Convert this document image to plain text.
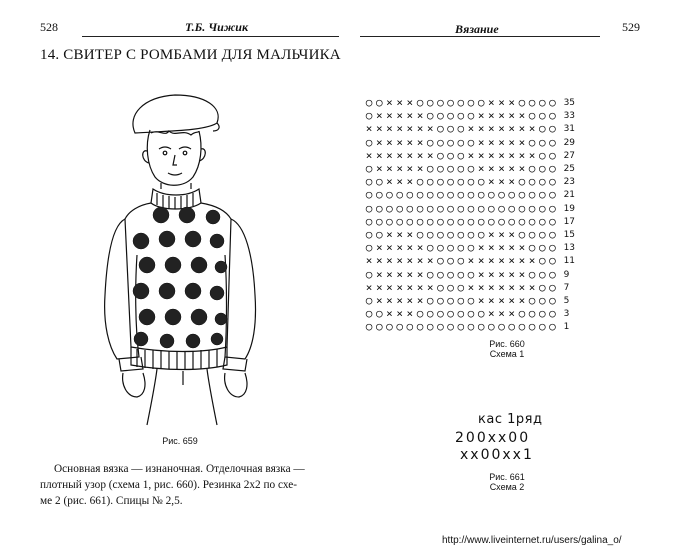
528	Т.Б. Чижик
14. СВИТЕР С РОМБАМИ ДЛЯ МАЛЬЧИКА
Рис. 659
Основная вязка — изнаночная. Отделочная вязка —
плотный узор (схема 1, рис. 660). Резинка 2х2 по схе-
ме 2 (рис. 661). Спицы № 2,5.
Вязание	529
○ ○ × × × ○ ○ ○ ○ ○ ○ ○ × × × ○ ○ ○ ○ 35
○ × × × × × ○ ○ ○ ○ ○ × × × × × ○ ○ ○ 33
× × × × × × × ○ ○ ○ × × × × × × × ○ ○ 31
○ × × × × × ○ ○ ○ ○ ○ × × × × × ○ ○ ○ 29
× × × × × × × ○ ○ ○ × × × × × × × ○ ○ 27
○ × × × × × ○ ○ ○ ○ ○ × × × × × ○ ○ ○ 25
○ ○ × × × ○ ○ ○ ○ ○ ○ ○ × × × ○ ○ ○ ○ 23
○ ○ ○ ○ ○ ○ ○ ○ ○ ○ ○ ○ ○ ○ ○ ○ ○ ○ ○ 21
○ ○ ○ ○ ○ ○ ○ ○ ○ ○ ○ ○ ○ ○ ○ ○ ○ ○ ○ 19
○ ○ ○ ○ ○ ○ ○ ○ ○ ○ ○ ○ ○ ○ ○ ○ ○ ○ ○ 17
○ ○ × × × ○ ○ ○ ○ ○ ○ ○ × × × ○ ○ ○ ○ 15
○ × × × × × ○ ○ ○ ○ ○ × × × × × ○ ○ ○ 13
× × × × × × × ○ ○ ○ × × × × × × × ○ ○ 11
○ × × × × × ○ ○ ○ ○ ○ × × × × × ○ ○ ○ 9
× × × × × × × ○ ○ ○ × × × × × × × ○ ○ 7
○ × × × × × ○ ○ ○ ○ ○ × × × × × ○ ○ ○ 5
○ ○ × × × ○ ○ ○ ○ ○ ○ ○ × × × ○ ○ ○ ○ 3
○ ○ ○ ○ ○ ○ ○ ○ ○ ○ ○ ○ ○ ○ ○ ○ ○ ○ ○ 1
Рис. 660
Схема 1
кас 1ряд
200xx00
xx00xx1
Рис. 661
Схема 2
http://www.liveinternet.ru/users/galina_o/
